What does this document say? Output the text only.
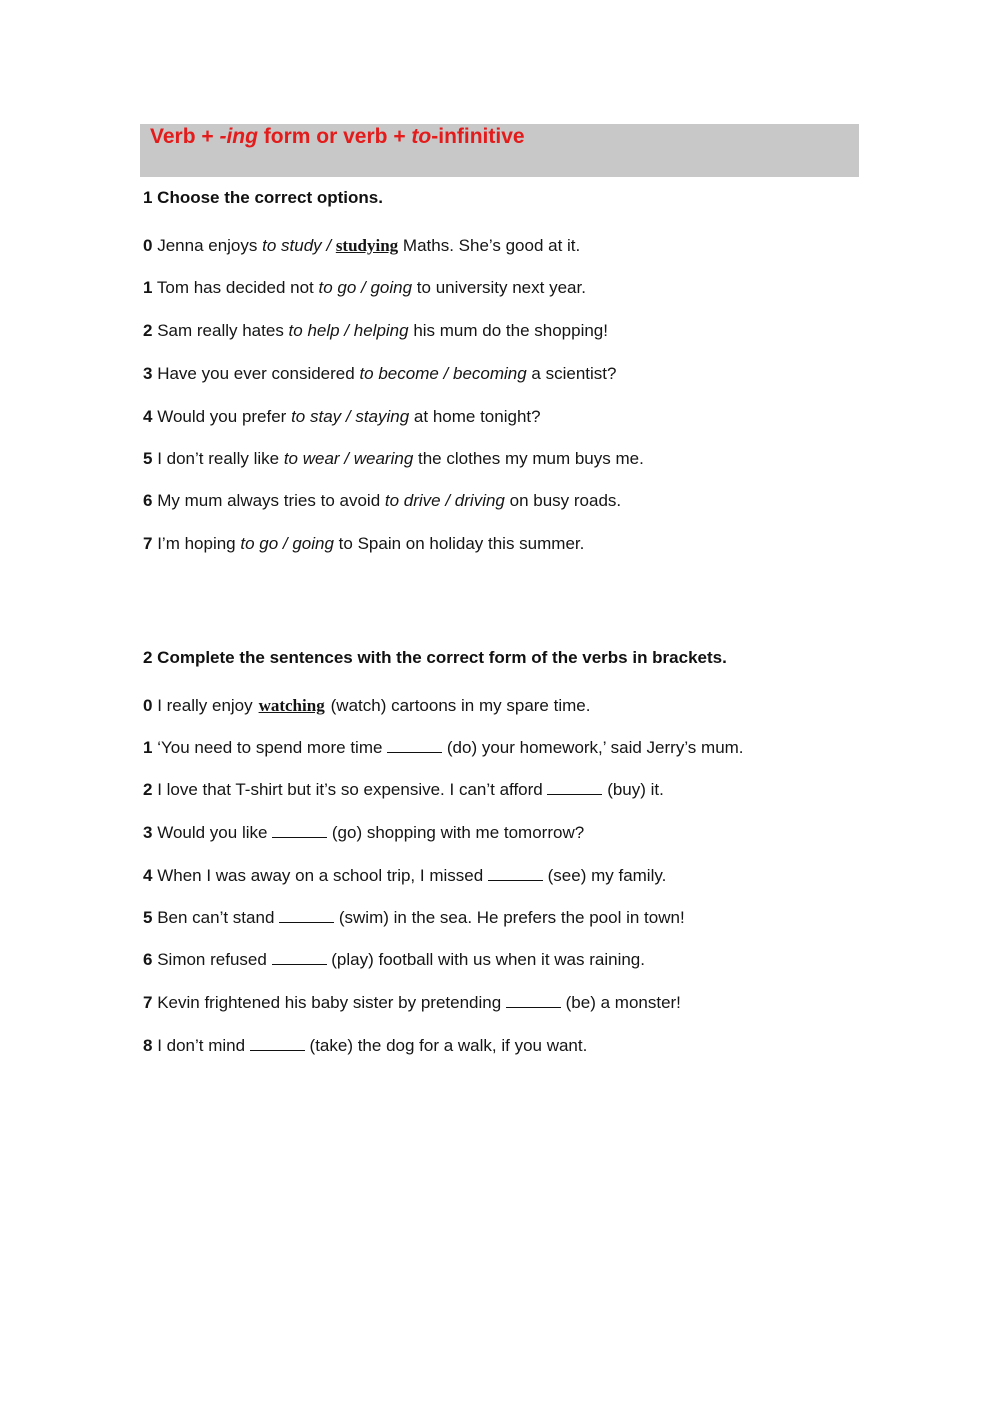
Verb + -ing form or verb + to-infinitive

1 Choose the correct options.

0 Jenna enjoys to study / studying Maths. She’s good at it.

1 Tom has decided not to go / going to university next year.

2 Sam really hates to help / helping his mum do the shopping!

3 Have you ever considered to become / becoming a scientist?

4 Would you prefer to stay / staying at home tonight?

5 I don’t really like to wear / wearing the clothes my mum buys me.

6 My mum always tries to avoid to drive / driving on busy roads.

7 I’m hoping to go / going to Spain on holiday this summer.

2 Complete the sentences with the correct form of the verbs in brackets.

0 I really enjoy watching (watch) cartoons in my spare time.

1 ‘You need to spend more time	(do) your homework,’ said Jerry’s mum.

2 I love that T-shirt but it’s so expensive. I can’t afford	(buy) it.

3 Would you like	(go) shopping with me tomorrow?

4 When I was away on a school trip, I missed	(see) my family.

5 Ben can’t stand	(swim) in the sea. He prefers the pool in town!

6 Simon refused	(play) football with us when it was raining.

7 Kevin frightened his baby sister by pretending	(be) a monster!

8 I don’t mind	(take) the dog for a walk, if you want.
